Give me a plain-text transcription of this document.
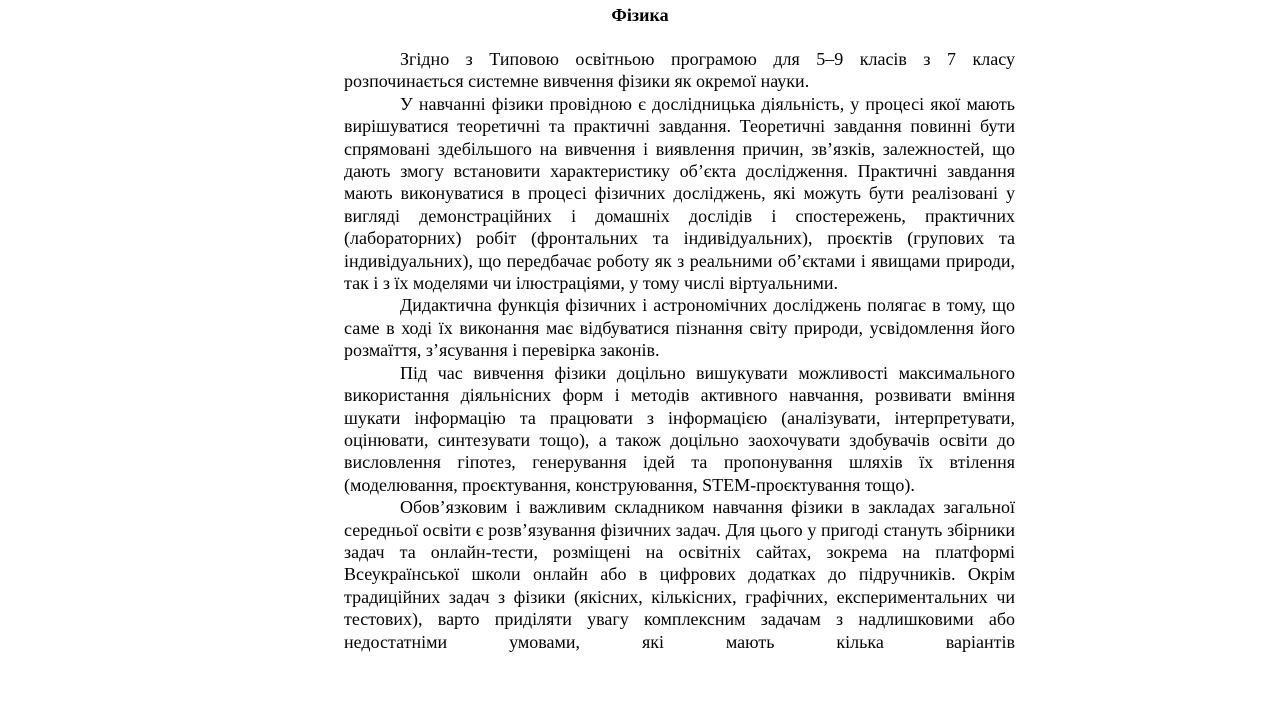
Фізика

Згідно з Типовою освітньою програмою для 5–9 класів з 7 класу розпочинається системне вивчення фізики як окремої науки.

У навчанні фізики провідною є дослідницька діяльність, у процесі якої мають вирішуватися теоретичні та практичні завдання. Теоретичні завдання повинні бути спрямовані здебільшого на вивчення і виявлення причин, зв’язків, залежностей, що дають змогу встановити характеристику об’єкта дослідження. Практичні завдання мають виконуватися в процесі фізичних досліджень, які можуть бути реалізовані у вигляді демонстраційних і домашніх дослідів і спостережень, практичних (лабораторних) робіт (фронтальних та індивідуальних), проєктів (групових та індивідуальних), що передбачає роботу як з реальними об’єктами і явищами природи, так і з їх моделями чи ілюстраціями, у тому числі віртуальними.

Дидактична функція фізичних і астрономічних досліджень полягає в тому, що саме в ході їх виконання має відбуватися пізнання світу природи, усвідомлення його розмаїття, з’ясування і перевірка законів.

Під час вивчення фізики доцільно вишукувати можливості максимального використання діяльнісних форм і методів активного навчання, розвивати вміння шукати інформацію та працювати з інформацією (аналізувати, інтерпретувати, оцінювати, синтезувати тощо), а також доцільно заохочувати здобувачів освіти до висловлення гіпотез, генерування ідей та пропонування шляхів їх втілення (моделювання, проєктування, конструювання, STEM-проєктування тощо).

Обов’язковим і важливим складником навчання фізики в закладах загальної середньої освіти є розв’язування фізичних задач. Для цього у пригоді стануть збірники задач та онлайн-тести, розміщені на освітніх сайтах, зокрема на платформі Всеукраїнської школи онлайн або в цифрових додатках до підручників. Окрім традиційних задач з фізики (якісних, кількісних, графічних, експериментальних чи тестових), варто приділяти увагу комплексним задачам з надлишковими або недостатніми умовами, які мають кілька варіантів
